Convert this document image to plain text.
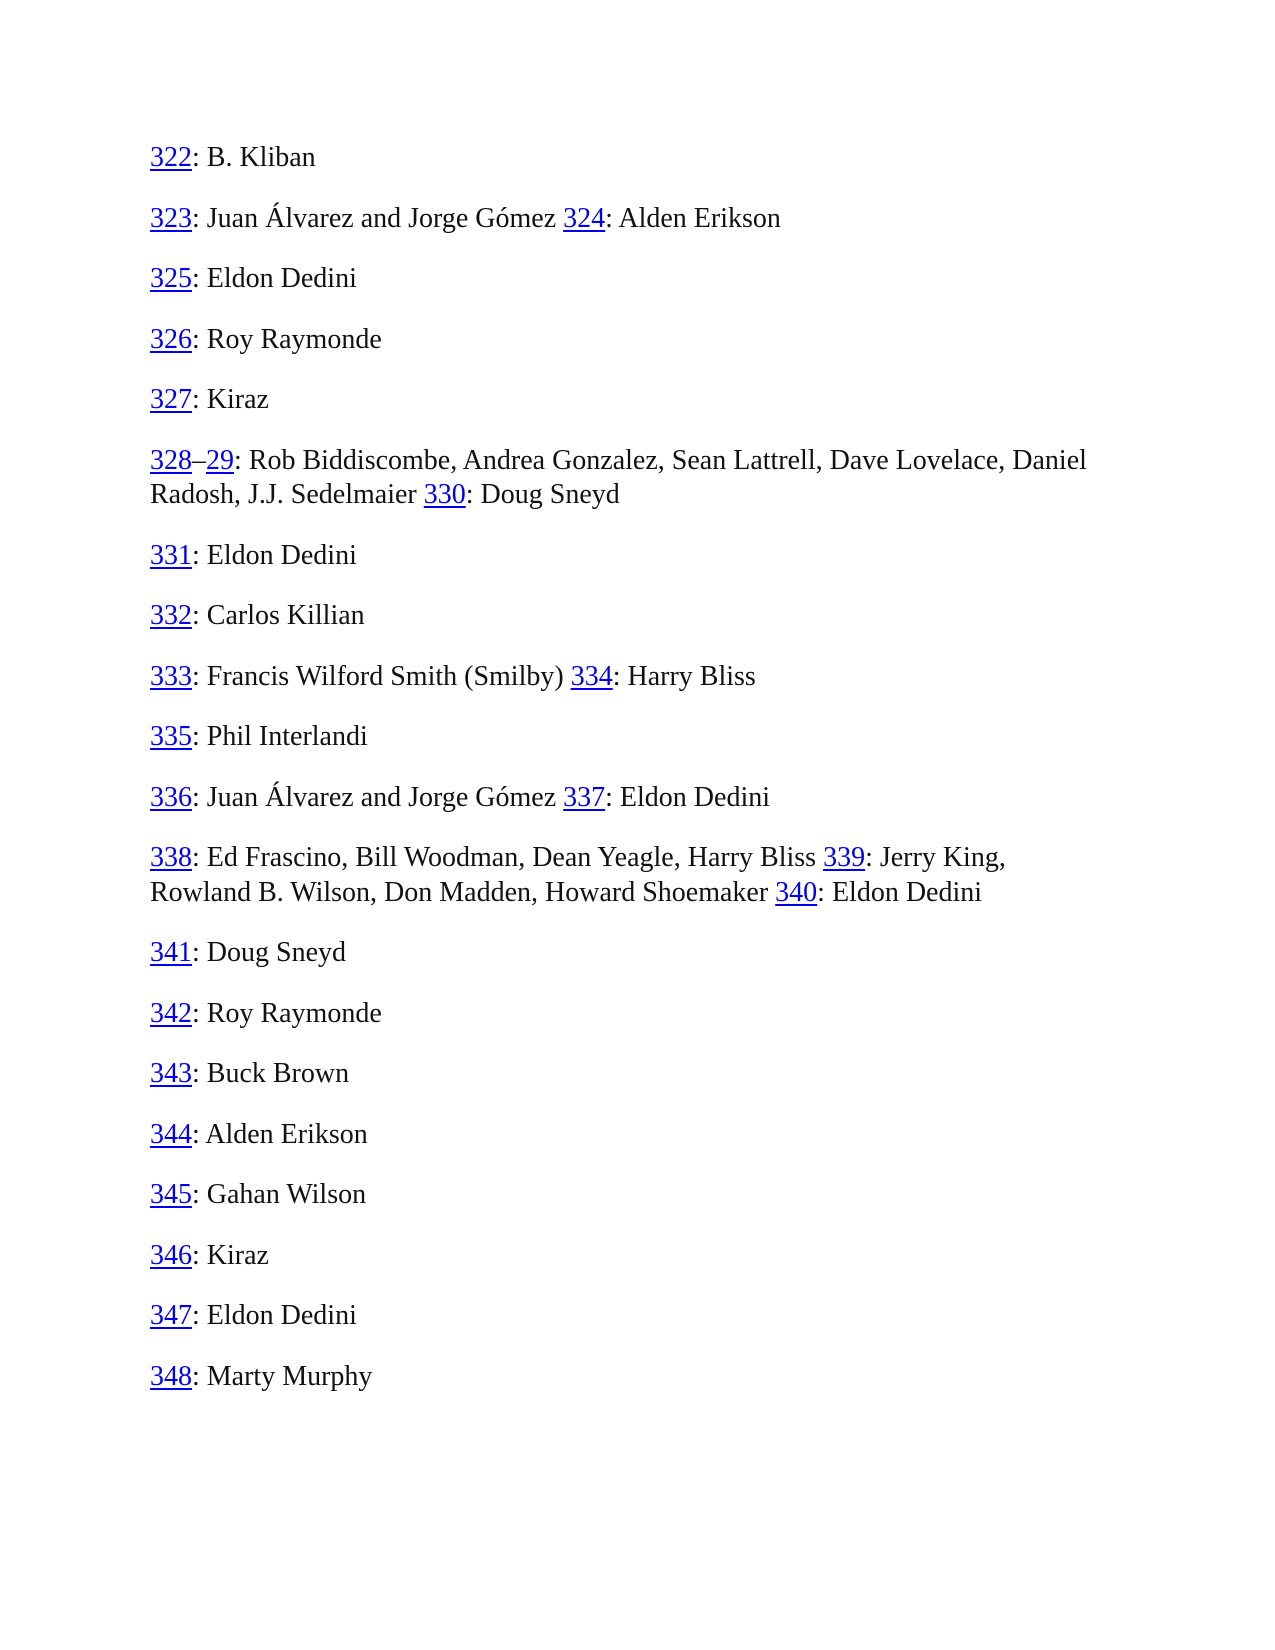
322: B. Kliban

323: Juan Álvarez and Jorge Gómez 324: Alden Erikson

325: Eldon Dedini

326: Roy Raymonde

327: Kiraz

328–29: Rob Biddiscombe, Andrea Gonzalez, Sean Lattrell, Dave Lovelace, Daniel Radosh, J.J. Sedelmaier 330: Doug Sneyd

331: Eldon Dedini

332: Carlos Killian

333: Francis Wilford Smith (Smilby) 334: Harry Bliss

335: Phil Interlandi

336: Juan Álvarez and Jorge Gómez 337: Eldon Dedini

338: Ed Frascino, Bill Woodman, Dean Yeagle, Harry Bliss 339: Jerry King, Rowland B. Wilson, Don Madden, Howard Shoemaker 340: Eldon Dedini

341: Doug Sneyd

342: Roy Raymonde

343: Buck Brown

344: Alden Erikson

345: Gahan Wilson

346: Kiraz

347: Eldon Dedini

348: Marty Murphy
